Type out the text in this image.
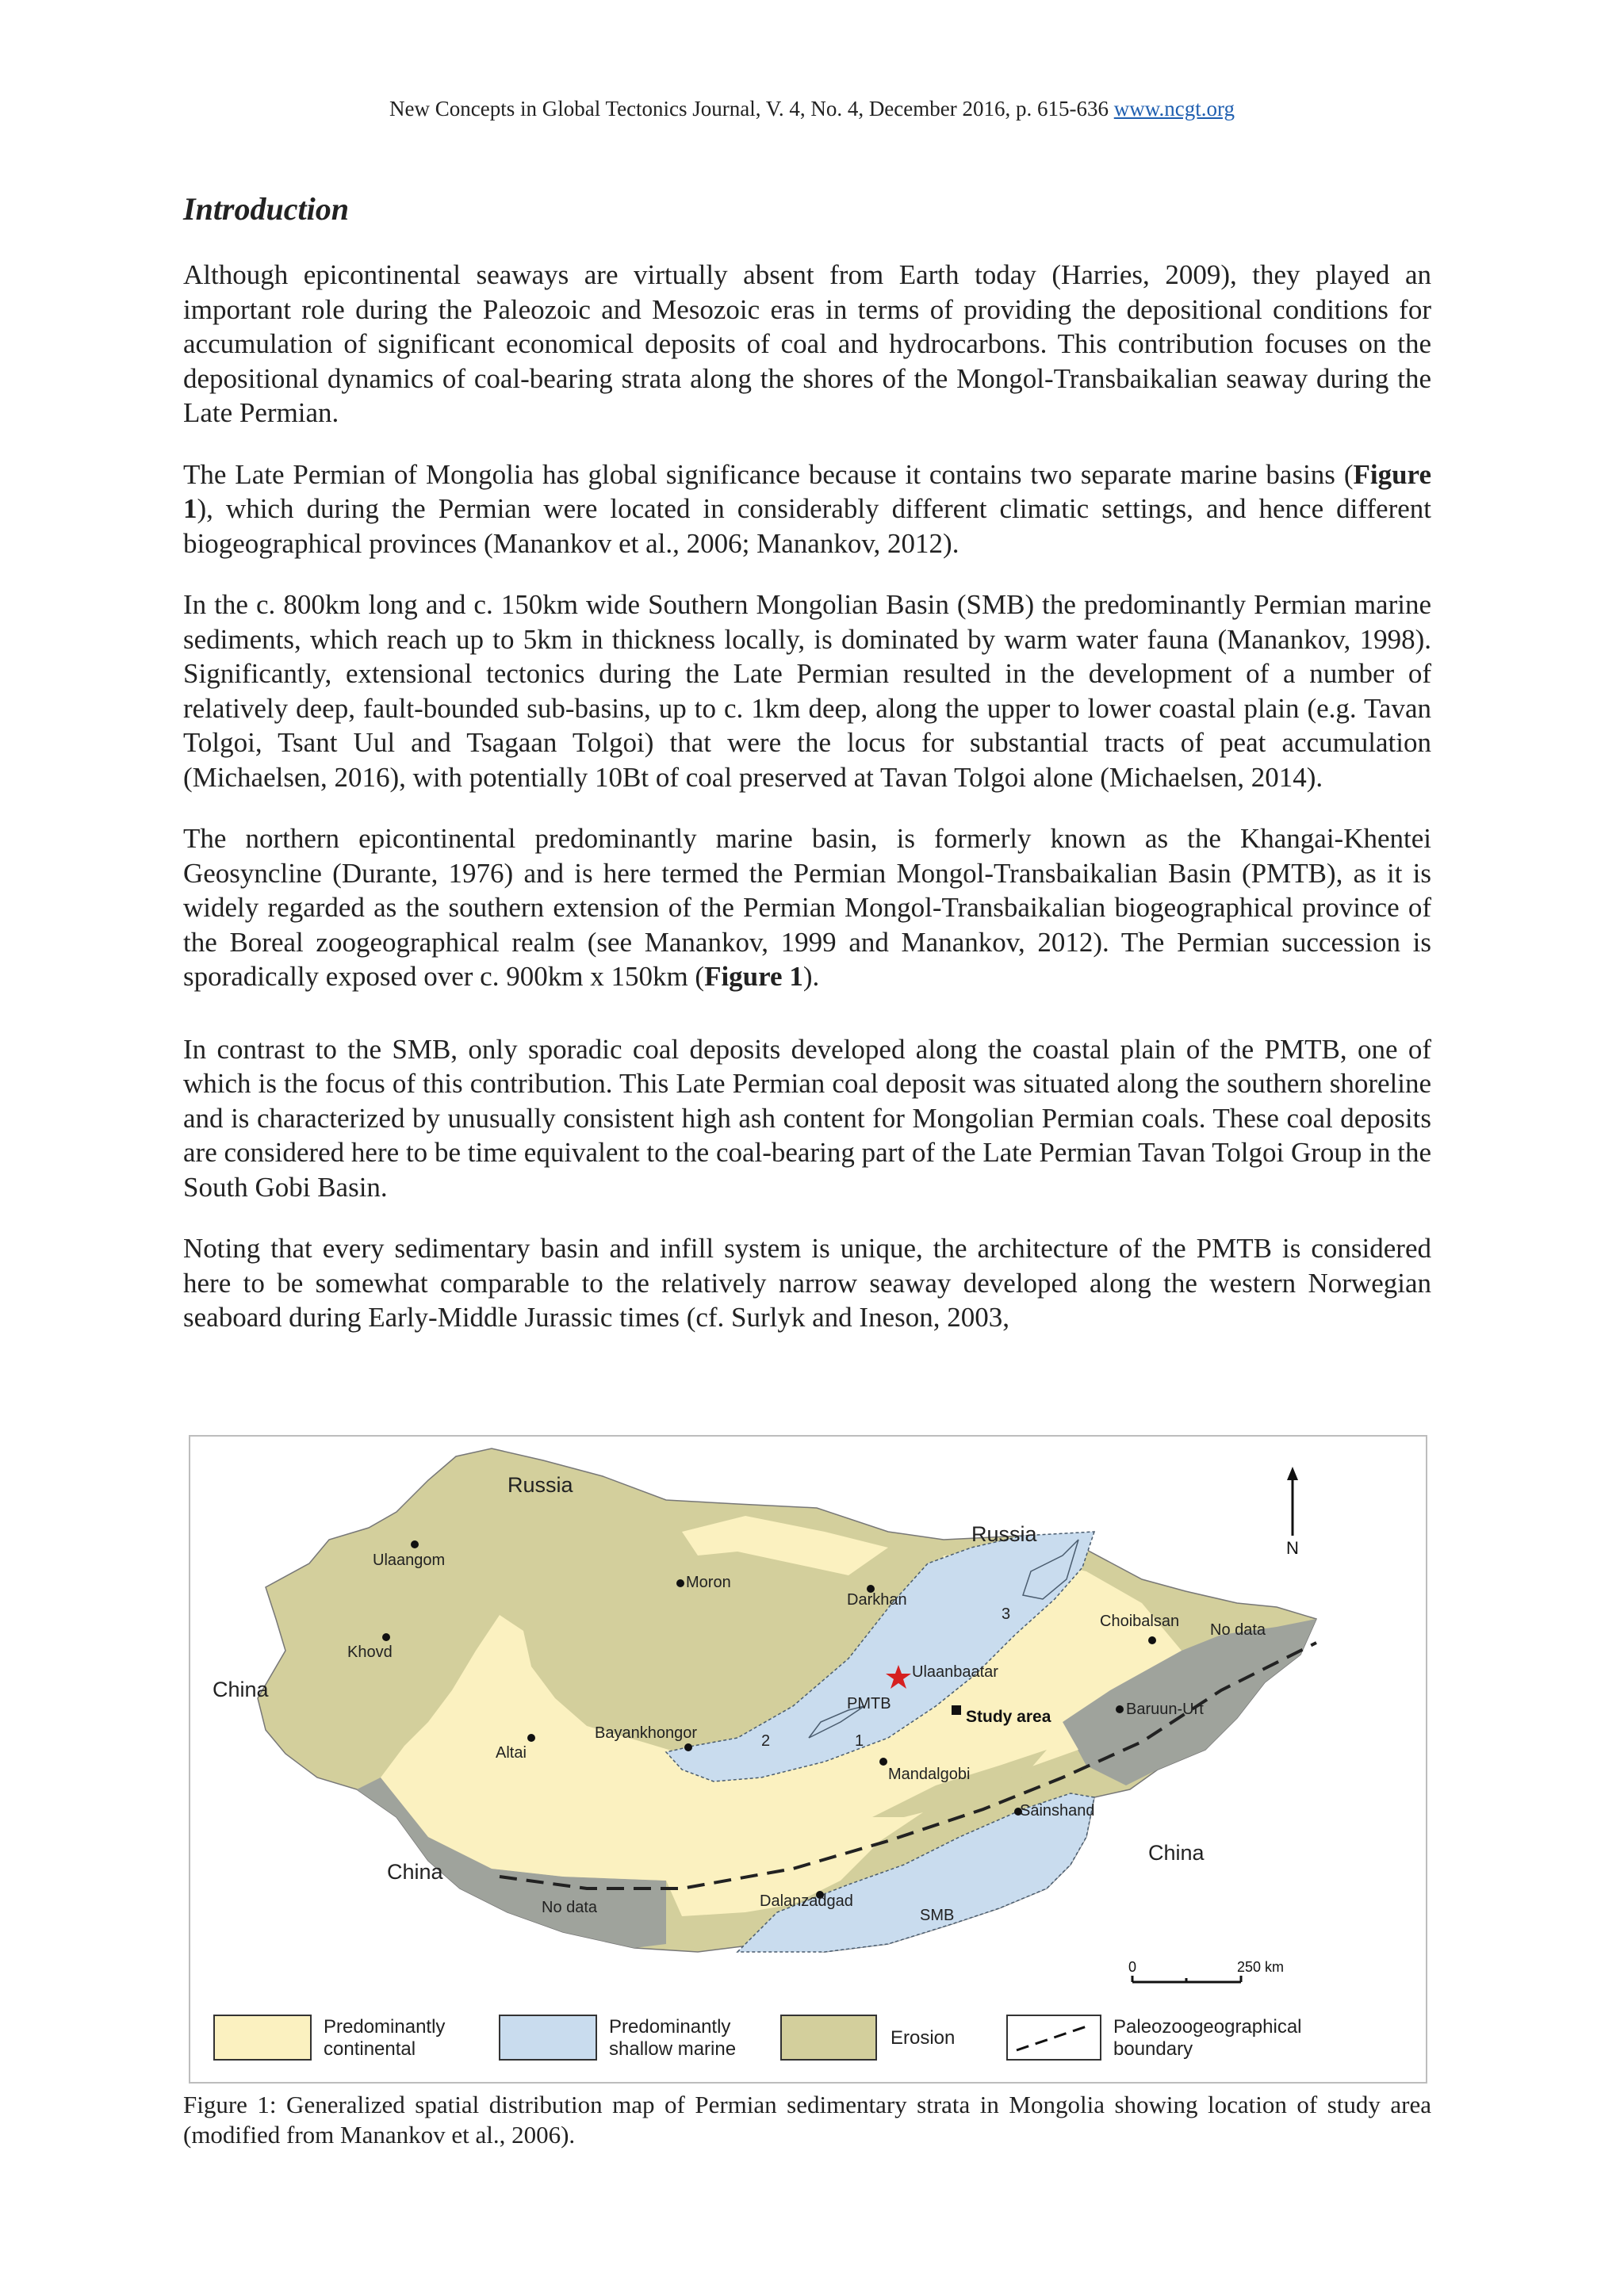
New Concepts in Global Tectonics Journal, V. 4, No. 4, December 2016, p. 615-636 www.ncgt.org
Introduction

Although epicontinental seaways are virtually absent from Earth today (Harries, 2009), they played an important role during the Paleozoic and Mesozoic eras in terms of providing the depositional conditions for accumulation of significant economical deposits of coal and hydrocarbons. This contribution focuses on the depositional dynamics of coal-bearing strata along the shores of the Mongol-Transbaikalian seaway during the Late Permian.

The Late Permian of Mongolia has global significance because it contains two separate marine basins (Figure 1), which during the Permian were located in considerably different climatic settings, and hence different biogeographical provinces (Manankov et al., 2006; Manankov, 2012).

In the c. 800km long and c. 150km wide Southern Mongolian Basin (SMB) the predominantly Permian marine sediments, which reach up to 5km in thickness locally, is dominated by warm water fauna (Manankov, 1998). Significantly, extensional tectonics during the Late Permian resulted in the development of a number of relatively deep, fault-bounded sub-basins, up to c. 1km deep, along the upper to lower coastal plain (e.g. Tavan Tolgoi, Tsant Uul and Tsagaan Tolgoi) that were the locus for substantial tracts of peat accumulation (Michaelsen, 2016), with potentially 10Bt of coal preserved at Tavan Tolgoi alone (Michaelsen, 2014).

The northern epicontinental predominantly marine basin, is formerly known as the Khangai-Khentei Geosyncline (Durante, 1976) and is here termed the Permian Mongol-Transbaikalian Basin (PMTB), as it is widely regarded as the southern extension of the Permian Mongol-Transbaikalian biogeographical province of the Boreal zoogeographical realm (see Manankov, 1999 and Manankov, 2012). The Permian succession is sporadically exposed over c. 900km x 150km (Figure 1).

In contrast to the SMB, only sporadic coal deposits developed along the coastal plain of the PMTB, one of which is the focus of this contribution. This Late Permian coal deposit was situated along the southern shoreline and is characterized by unusually consistent high ash content for Mongolian Permian coals. These coal deposits are considered here to be time equivalent to the coal-bearing part of the Late Permian Tavan Tolgoi Group in the South Gobi Basin.

Noting that every sedimentary basin and infill system is unique, the architecture of the PMTB is considered here to be somewhat comparable to the relatively narrow seaway developed along the western Norwegian seaboard during Early-Middle Jurassic times (cf. Surlyk and Ineson, 2003,

Russia
Russia
China
China
China
Ulaangom
Khovd
Altai
Moron
Darkhan
Bayankhongor
Ulaanbaatar
Choibalsan
Baruun-Urt
Mandalgobi
Sainshand
Dalanzadgad
PMTB
SMB
No data
No data
2	1
3
Study area
N
0	250 km
Predominantly
continental
Predominantly
shallow marine
Erosion
Paleozoogeographical
boundary
Figure 1: Generalized spatial distribution map of Permian sedimentary strata in Mongolia showing location of study area (modified from Manankov et al., 2006).
